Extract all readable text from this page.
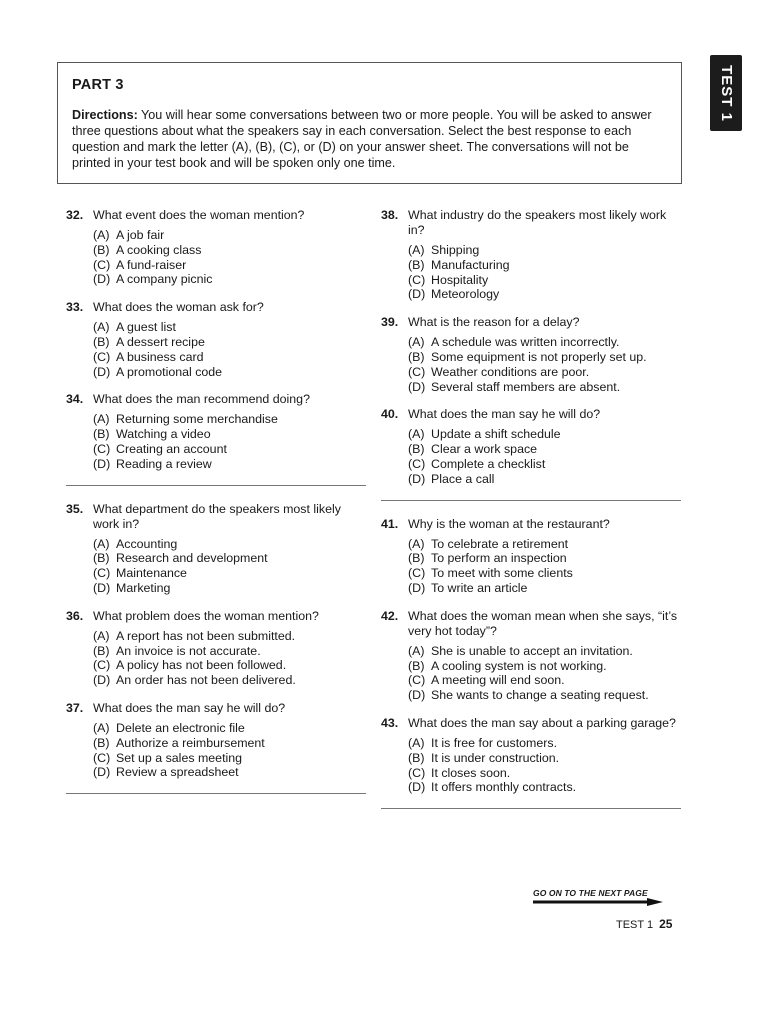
TEST 1

PART 3

Directions: You will hear some conversations between two or more people. You will be asked to answer three questions about what the speakers say in each conversation. Select the best response to each question and mark the letter (A), (B), (C), or (D) on your answer sheet. The conversations will not be printed in your test book and will be spoken only one time.

32. What event does the woman mention?
(A) A job fair
(B) A cooking class
(C) A fund-raiser
(D) A company picnic
33. What does the woman ask for?
(A) A guest list
(B) A dessert recipe
(C) A business card
(D) A promotional code
34. What does the man recommend doing?
(A) Returning some merchandise
(B) Watching a video
(C) Creating an account
(D) Reading a review
35. What department do the speakers most likely work in?
(A) Accounting
(B) Research and development
(C) Maintenance
(D) Marketing
36. What problem does the woman mention?
(A) A report has not been submitted.
(B) An invoice is not accurate.
(C) A policy has not been followed.
(D) An order has not been delivered.
37. What does the man say he will do?
(A) Delete an electronic file
(B) Authorize a reimbursement
(C) Set up a sales meeting
(D) Review a spreadsheet
38. What industry do the speakers most likely work in?
(A) Shipping
(B) Manufacturing
(C) Hospitality
(D) Meteorology
39. What is the reason for a delay?
(A) A schedule was written incorrectly.
(B) Some equipment is not properly set up.
(C) Weather conditions are poor.
(D) Several staff members are absent.
40. What does the man say he will do?
(A) Update a shift schedule
(B) Clear a work space
(C) Complete a checklist
(D) Place a call
41. Why is the woman at the restaurant?
(A) To celebrate a retirement
(B) To perform an inspection
(C) To meet with some clients
(D) To write an article
42. What does the woman mean when she says, “it’s very hot today”?
(A) She is unable to accept an invitation.
(B) A cooling system is not working.
(C) A meeting will end soon.
(D) She wants to change a seating request.
43. What does the man say about a parking garage?
(A) It is free for customers.
(B) It is under construction.
(C) It closes soon.
(D) It offers monthly contracts.
GO ON TO THE NEXT PAGE
TEST 1 25
